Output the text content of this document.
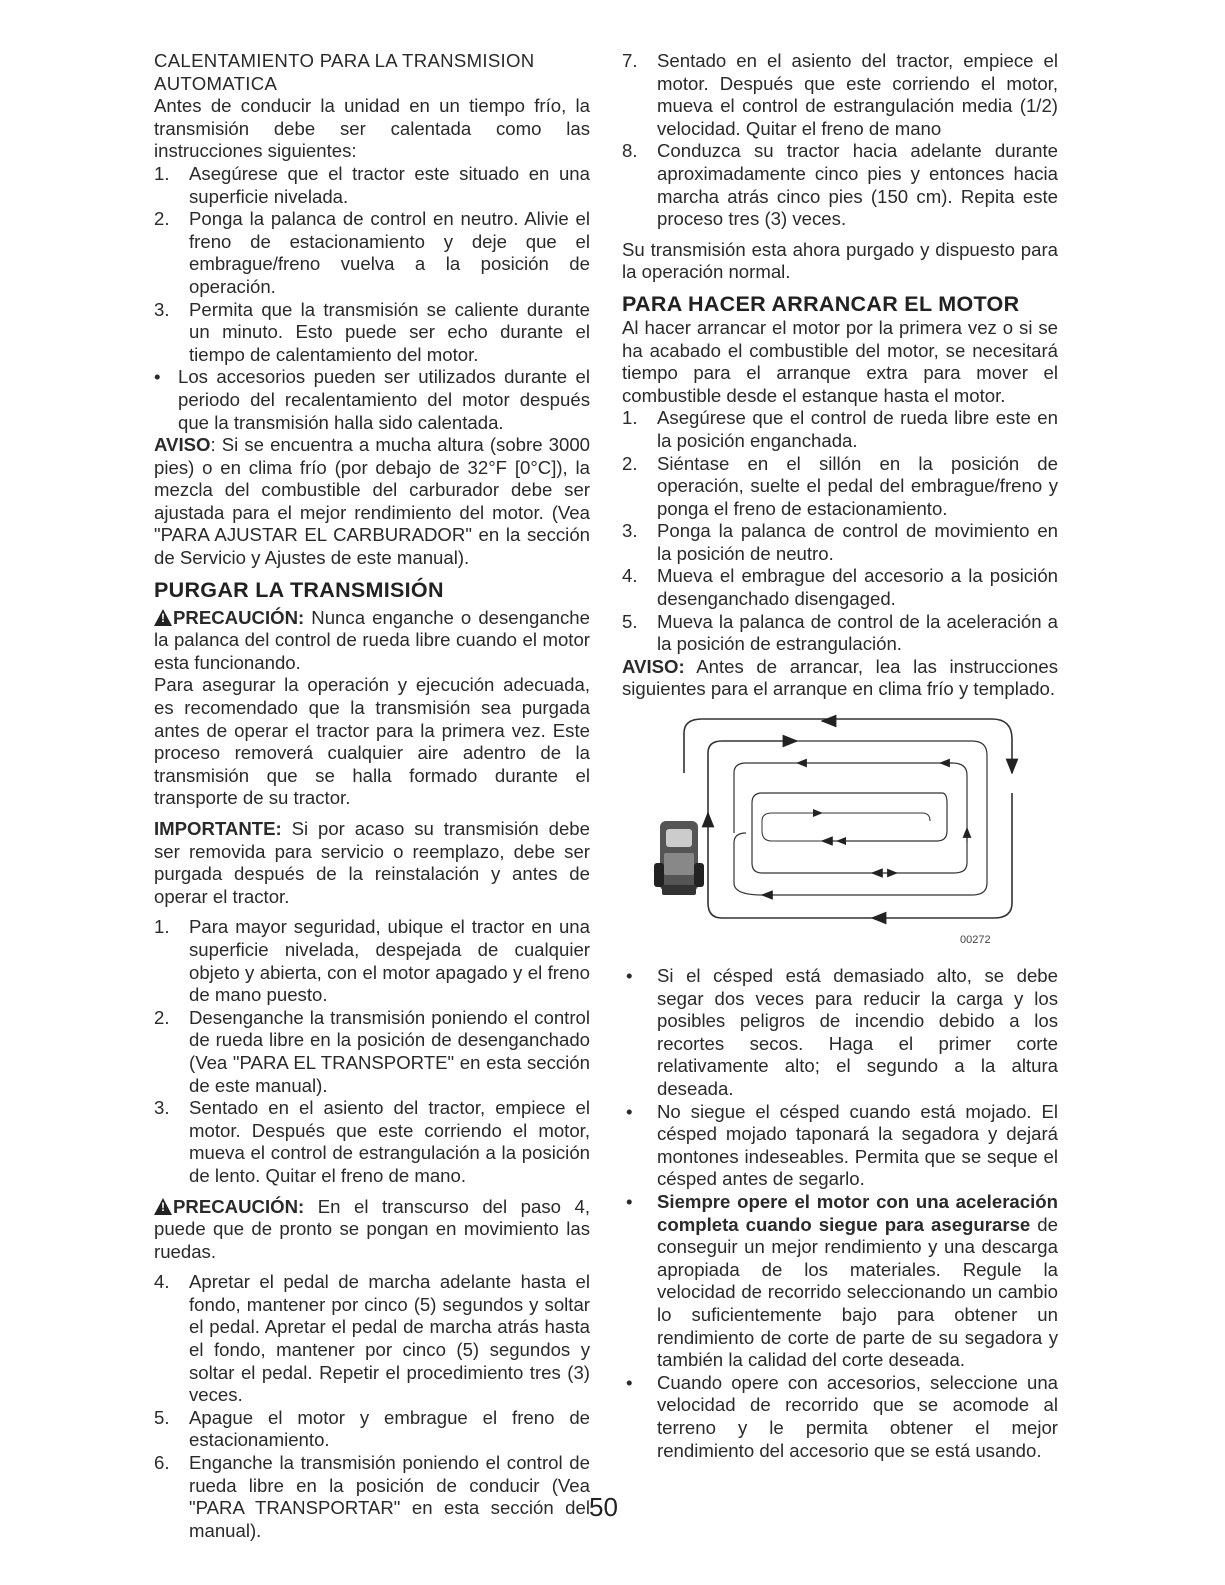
CALENTAMIENTO PARA LA TRANSMISION
AUTOMATICA

Antes de conducir la unidad en un tiempo frío, la transmisión debe ser calentada como las instrucciones siguientes:

1. Asegúrese que el tractor este situado en una superficie nivelada.
2. Ponga la palanca de control en neutro. Alivie el freno de estacionamiento y deje que el embrague/freno vuelva a la posición de operación.
3. Permita que la transmisión se caliente durante un minuto. Esto puede ser echo durante el tiempo de calentamiento del motor.
• Los accesorios pueden ser utilizados durante el periodo del recalentamiento del motor después que la transmisión halla sido calentada.

AVISO: Si se encuentra a mucha altura (sobre 3000 pies) o en clima frío (por debajo de 32°F [0°C]), la mezcla del combustible del carburador debe ser ajustada para el mejor rendimiento del motor. (Vea "PARA AJUSTAR EL CARBURADOR" en la sección de Servicio y Ajustes de este manual).

PURGAR LA TRANSMISIÓN

!PRECAUCIÓN: Nunca enganche o desenganche la palanca del control de rueda libre cuando el motor esta funcionando.

Para asegurar la operación y ejecución adecuada, es recomendado que la transmisión sea purgada antes de operar el tractor para la primera vez. Este proceso removerá cualquier aire adentro de la transmisión que se halla formado durante el transporte de su tractor.

IMPORTANTE: Si por acaso su transmisión debe ser removida para servicio o reemplazo, debe ser purgada después de la reinstalación y antes de operar el tractor.

1. Para mayor seguridad, ubique el tractor en una superficie nivelada, despejada de cualquier objeto y abierta, con el motor apagado y el freno de mano puesto.
2. Desenganche la transmisión poniendo el control de rueda libre en la posición de desenganchado (Vea "PARA EL TRANSPORTE" en esta sección de este manual).
3. Sentado en el asiento del tractor, empiece el motor. Después que este corriendo el motor, mueva el control de estrangulación a la posición de lento. Quitar el freno de mano.

!PRECAUCIÓN: En el transcurso del paso 4, puede que de pronto se pongan en movimiento las ruedas.

4. Apretar el pedal de marcha adelante hasta el fondo, mantener por cinco (5) segundos y soltar el pedal. Apretar el pedal de marcha atrás hasta el fondo, mantener por cinco (5) segundos y soltar el pedal. Repetir el procedimiento tres (3) veces.
5. Apague el motor y embrague el freno de estacionamiento.
6. Enganche la transmisión poniendo el control de rueda libre en la posición de conducir (Vea "PARA TRANSPORTAR" en esta sección del manual).
7. Sentado en el asiento del tractor, empiece el motor. Después que este corriendo el motor, mueva el control de estrangulación media (1/2) velocidad. Quitar el freno de mano
8. Conduzca su tractor hacia adelante durante aproximadamente cinco pies y entonces hacia marcha atrás cinco pies (150 cm). Repita este proceso tres (3) veces.

Su transmisión esta ahora purgado y dispuesto para la operación normal.

PARA HACER ARRANCAR EL MOTOR

Al hacer arrancar el motor por la primera vez o si se ha acabado el combustible del motor, se necesitará tiempo para el arranque extra para mover el combustible desde el estanque hasta el motor.

1. Asegúrese que el control de rueda libre este en la posición enganchada.
2. Siéntase en el sillón en la posición de operación, suelte el pedal del embrague/freno y ponga el freno de estacionamiento.
3. Ponga la palanca de control de movimiento en la posición de neutro.
4. Mueva el embrague del accesorio a la posición desenganchado disengaged.
5. Mueva la palanca de control de la aceleración a la posición de estrangulación.

AVISO: Antes de arrancar, lea las instrucciones siguientes para el arranque en clima frío y templado.

00272
• Si el césped está demasiado alto, se debe segar dos veces para reducir la carga y los posibles peligros de incendio debido a los recortes secos. Haga el primer corte relativamente alto; el segundo a la altura deseada.
• No siegue el césped cuando está mojado. El césped mojado taponará la segadora y dejará montones indeseables. Permita que se seque el césped antes de segarlo.
• Siempre opere el motor con una aceleración completa cuando siegue para asegurarse de conseguir un mejor rendimiento y una descarga apropiada de los materiales. Regule la velocidad de recorrido seleccionando un cambio lo suficientemente bajo para obtener un rendimiento de corte de parte de su segadora y también la calidad del corte deseada.
• Cuando opere con accesorios, seleccione una velocidad de recorrido que se acomode al terreno y le permita obtener el mejor rendimiento del accesorio que se está usando.
50
